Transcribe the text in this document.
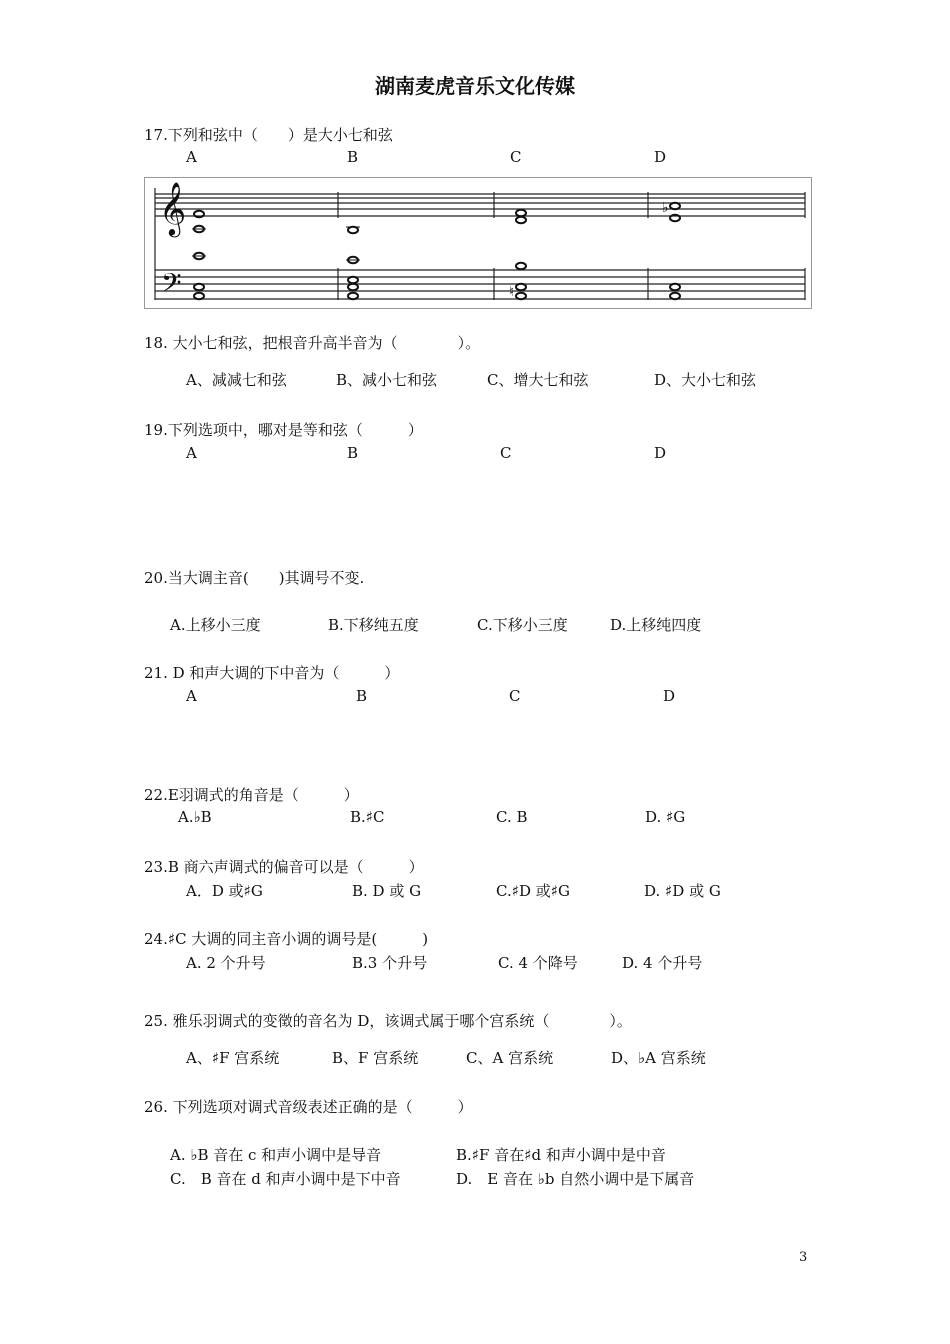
湖南麦虎音乐文化传媒
17.下列和弦中（　　）是大小七和弦
A	B	C	D
𝄞
𝄢	♮
♭
18. 大小七和弦，把根音升高半音为（　　　　）。
A、减减七和弦	B、减小七和弦	C、增大七和弦	D、大小七和弦
19.下列选项中，哪对是等和弦（　　　）
A	B	C	D
20.当大调主音(　　)其调号不变.
A.上移小三度	B.下移纯五度	C.下移小三度	D.上移纯四度
21. D 和声大调的下中音为（　　　）
A	B	C	D
22.E羽调式的角音是（　　　）
A.♭B	B.♯C	C. B	D. ♯G
23.B 商六声调式的偏音可以是（　　　）
A．D 或♯G	B. D 或 G	C.♯D 或♯G	D. ♯D 或 G
24.♯C 大调的同主音小调的调号是(　　　)
A. 2 个升号	B.3 个升号	C. 4 个降号	D. 4 个升号
25. 雅乐羽调式的变徵的音名为 D，该调式属于哪个宫系统（　　　　）。
A、♯F 宫系统	B、F 宫系统	C、A 宫系统	D、♭A 宫系统
26. 下列选项对调式音级表述正确的是（　　　）
A. ♭B 音在 c 和声小调中是导音	B.♯F 音在♯d 和声小调中是中音
C.　B 音在 d 和声小调中是下中音	D.　E 音在 ♭b 自然小调中是下属音
3
